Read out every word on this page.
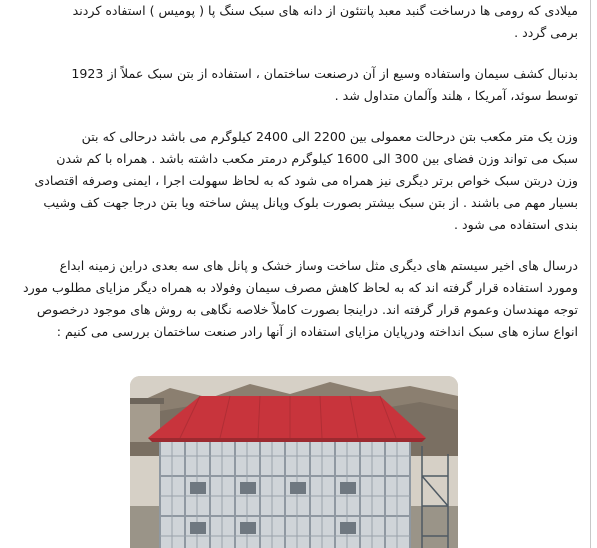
میلادی که رومی ها درساخت گنبد معبد پانتئون از دانه های سبک سنگ پا ( پومیس ) استفاده کردند
برمی گردد .

بدنبال کشف سیمان واستفاده وسیع از آن درصنعت ساختمان ، استفاده از بتن سبک عملاً از 1923
توسط سوئد، آمریکا ، هلند وآلمان متداول شد .

وزن یک متر مکعب بتن درحالت معمولی بین 2200 الی 2400 کیلوگرم می باشد درحالی که بتن
سبک می تواند وزن فضای بین 300 الی 1600 کیلوگرم درمتر مکعب داشته باشد . همراه با کم شدن
وزن دربتن سبک خواص برتر دیگری نیز همراه می شود که به لحاظ سهولت اجرا ، ایمنی وصرفه اقتصادی
بسیار مهم می باشند . از بتن سبک بیشتر بصورت بلوک وپانل پیش ساخته ویا بتن درجا جهت کف وشیب
بندی استفاده می شود .

درسال های اخیر سیستم های دیگری مثل ساخت وساز خشک و پانل های سه بعدی دراین زمینه ابداع
ومورد استفاده قرار گرفته اند که به لحاظ کاهش مصرف سیمان وفولاد به همراه دیگر مزایای مطلوب مورد
توجه مهندسان وعموم قرار گرفته اند. دراینجا بصورت کاملاً خلاصه نگاهی به روش های موجود درخصوص
انواع سازه های سبک انداخته ودرپایان مزایای استفاده از آنها رادر صنعت ساختمان بررسی می کنیم :
